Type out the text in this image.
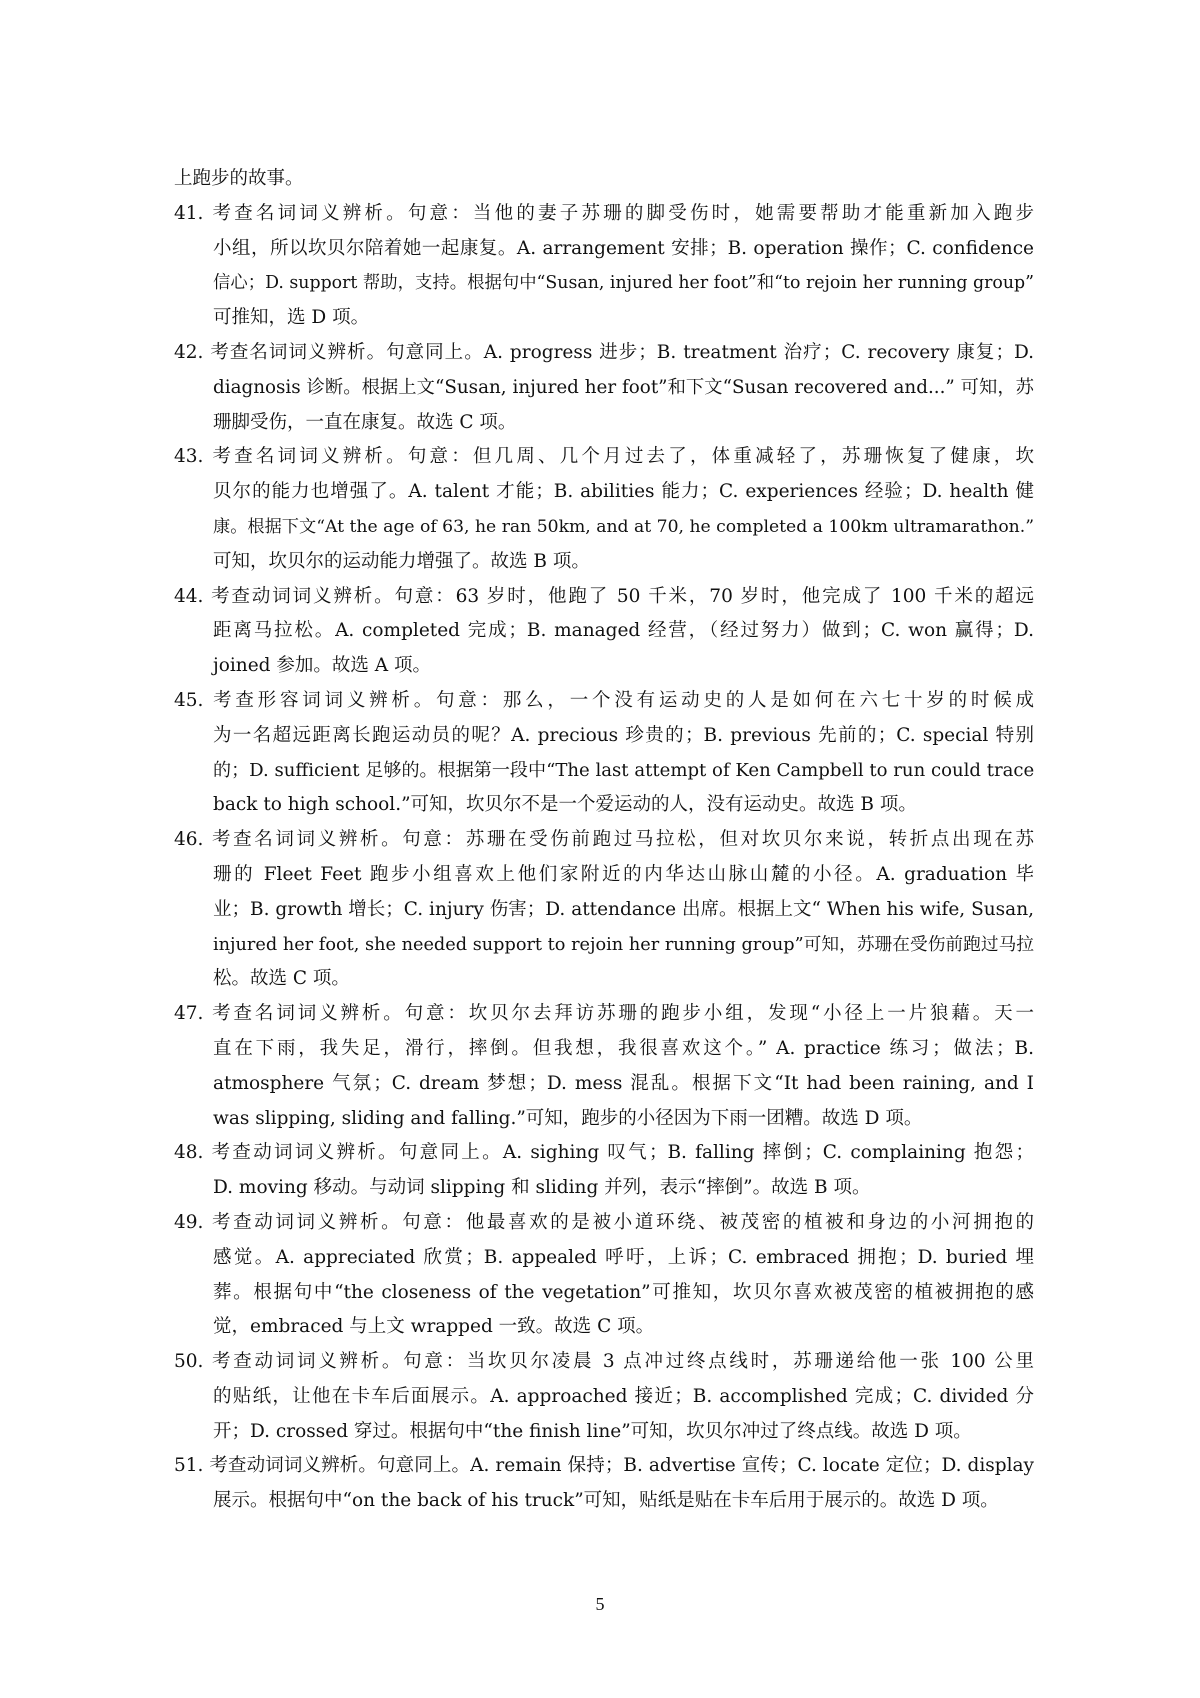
上跑步的故事。

41. 考查名词词义辨析。句意：当他的妻子苏珊的脚受伤时，她需要帮助才能重新加入跑步
小组，所以坎贝尔陪着她一起康复。A. arrangement 安排；B. operation 操作；C. confidence
信心；D. support 帮助，支持。根据句中“Susan, injured her foot”和“to rejoin her running group”
可推知，选 D 项。
42. 考查名词词义辨析。句意同上。A. progress 进步；B. treatment 治疗；C. recovery 康复；D.
diagnosis 诊断。根据上文“Susan, injured her foot”和下文“Susan recovered and...” 可知，苏
珊脚受伤，一直在康复。故选 C 项。
43. 考查名词词义辨析。句意：但几周、几个月过去了，体重减轻了，苏珊恢复了健康，坎
贝尔的能力也增强了。A. talent 才能；B. abilities 能力；C. experiences 经验；D. health 健
康。根据下文“At the age of 63, he ran 50km, and at 70, he completed a 100km ultramarathon.”
可知，坎贝尔的运动能力增强了。故选 B 项。
44. 考查动词词义辨析。句意：63 岁时，他跑了 50 千米，70 岁时，他完成了 100 千米的超远
距离马拉松。A. completed 完成；B. managed 经营，（经过努力）做到；C. won 赢得；D.
joined 参加。故选 A 项。
45. 考查形容词词义辨析。句意：那么，一个没有运动史的人是如何在六七十岁的时候成
为一名超远距离长跑运动员的呢？A. precious 珍贵的；B. previous 先前的；C. special 特别
的；D. sufficient 足够的。根据第一段中“The last attempt of Ken Campbell to run could trace
back to high school.”可知，坎贝尔不是一个爱运动的人，没有运动史。故选 B 项。
46. 考查名词词义辨析。句意：苏珊在受伤前跑过马拉松，但对坎贝尔来说，转折点出现在苏
珊的 Fleet Feet 跑步小组喜欢上他们家附近的内华达山脉山麓的小径。A. graduation 毕
业；B. growth 增长；C. injury 伤害；D. attendance 出席。根据上文“ When his wife, Susan,
injured her foot, she needed support to rejoin her running group”可知，苏珊在受伤前跑过马拉
松。故选 C 项。
47. 考查名词词义辨析。句意：坎贝尔去拜访苏珊的跑步小组，发现“小径上一片狼藉。天一
直在下雨，我失足，滑行，摔倒。但我想，我很喜欢这个。” A. practice 练习；做法；B.
atmosphere 气氛；C. dream 梦想；D. mess 混乱。根据下文“It had been raining, and I
was slipping, sliding and falling.”可知，跑步的小径因为下雨一团糟。故选 D 项。
48. 考查动词词义辨析。句意同上。A. sighing 叹气；B. falling 摔倒；C. complaining 抱怨；
D. moving 移动。与动词 slipping 和 sliding 并列，表示“摔倒”。故选 B 项。
49. 考查动词词义辨析。句意：他最喜欢的是被小道环绕、被茂密的植被和身边的小河拥抱的
感觉。A. appreciated 欣赏；B. appealed 呼吁，上诉；C. embraced 拥抱；D. buried 埋
葬。根据句中“the closeness of the vegetation”可推知，坎贝尔喜欢被茂密的植被拥抱的感
觉，embraced 与上文 wrapped 一致。故选 C 项。
50. 考查动词词义辨析。句意：当坎贝尔凌晨 3 点冲过终点线时，苏珊递给他一张 100 公里
的贴纸，让他在卡车后面展示。A. approached 接近；B. accomplished 完成；C. divided 分
开；D. crossed 穿过。根据句中“the finish line”可知，坎贝尔冲过了终点线。故选 D 项。
51. 考查动词词义辨析。句意同上。A. remain 保持；B. advertise 宣传；C. locate 定位；D. display
展示。根据句中“on the back of his truck”可知，贴纸是贴在卡车后用于展示的。故选 D 项。
5
